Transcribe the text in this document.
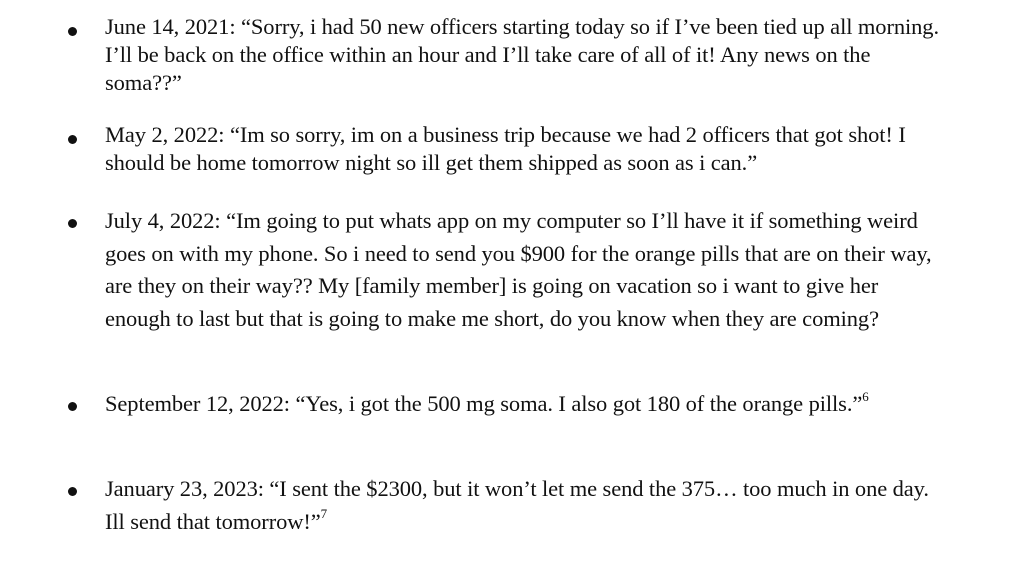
June 14, 2021: “Sorry, i had 50 new officers starting today so if I’ve been tied up all morning. I’ll be back on the office within an hour and I’ll take care of all of it! Any news on the soma??”
May 2, 2022: “Im so sorry, im on a business trip because we had 2 officers that got shot! I should be home tomorrow night so ill get them shipped as soon as i can.”
July 4, 2022: “Im going to put whats app on my computer so I’ll have it if something weird goes on with my phone. So i need to send you $900 for the orange pills that are on their way, are they on their way?? My [family member] is going on vacation so i want to give her enough to last but that is going to make me short, do you know when they are coming?
September 12, 2022: “Yes, i got the 500 mg soma. I also got 180 of the orange pills.”$^6$
January 23, 2023: “I sent the $2300, but it won’t let me send the 375… too much in one day. Ill send that tomorrow!”$^7$
